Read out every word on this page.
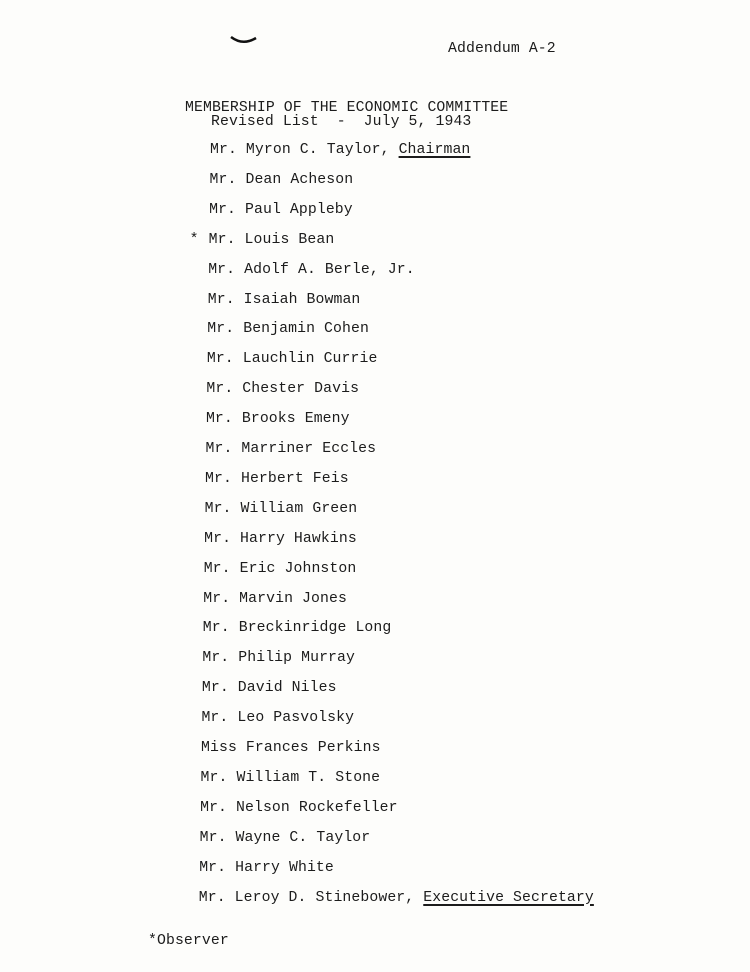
Addendum A-2
MEMBERSHIP OF THE ECONOMIC COMMITTEE
Revised List  -  July 5, 1943
Mr. Myron C. Taylor, Chairman
Mr. Dean Acheson
Mr. Paul Appleby
* Mr. Louis Bean
Mr. Adolf A. Berle, Jr.
Mr. Isaiah Bowman
Mr. Benjamin Cohen
Mr. Lauchlin Currie
Mr. Chester Davis
Mr. Brooks Emeny
Mr. Marriner Eccles
Mr. Herbert Feis
Mr. William Green
Mr. Harry Hawkins
Mr. Eric Johnston
Mr. Marvin Jones
Mr. Breckinridge Long
Mr. Philip Murray
Mr. David Niles
Mr. Leo Pasvolsky
Miss Frances Perkins
Mr. William T. Stone
Mr. Nelson Rockefeller
Mr. Wayne C. Taylor
Mr. Harry White
Mr. Leroy D. Stinebower, Executive Secretary
*Observer
